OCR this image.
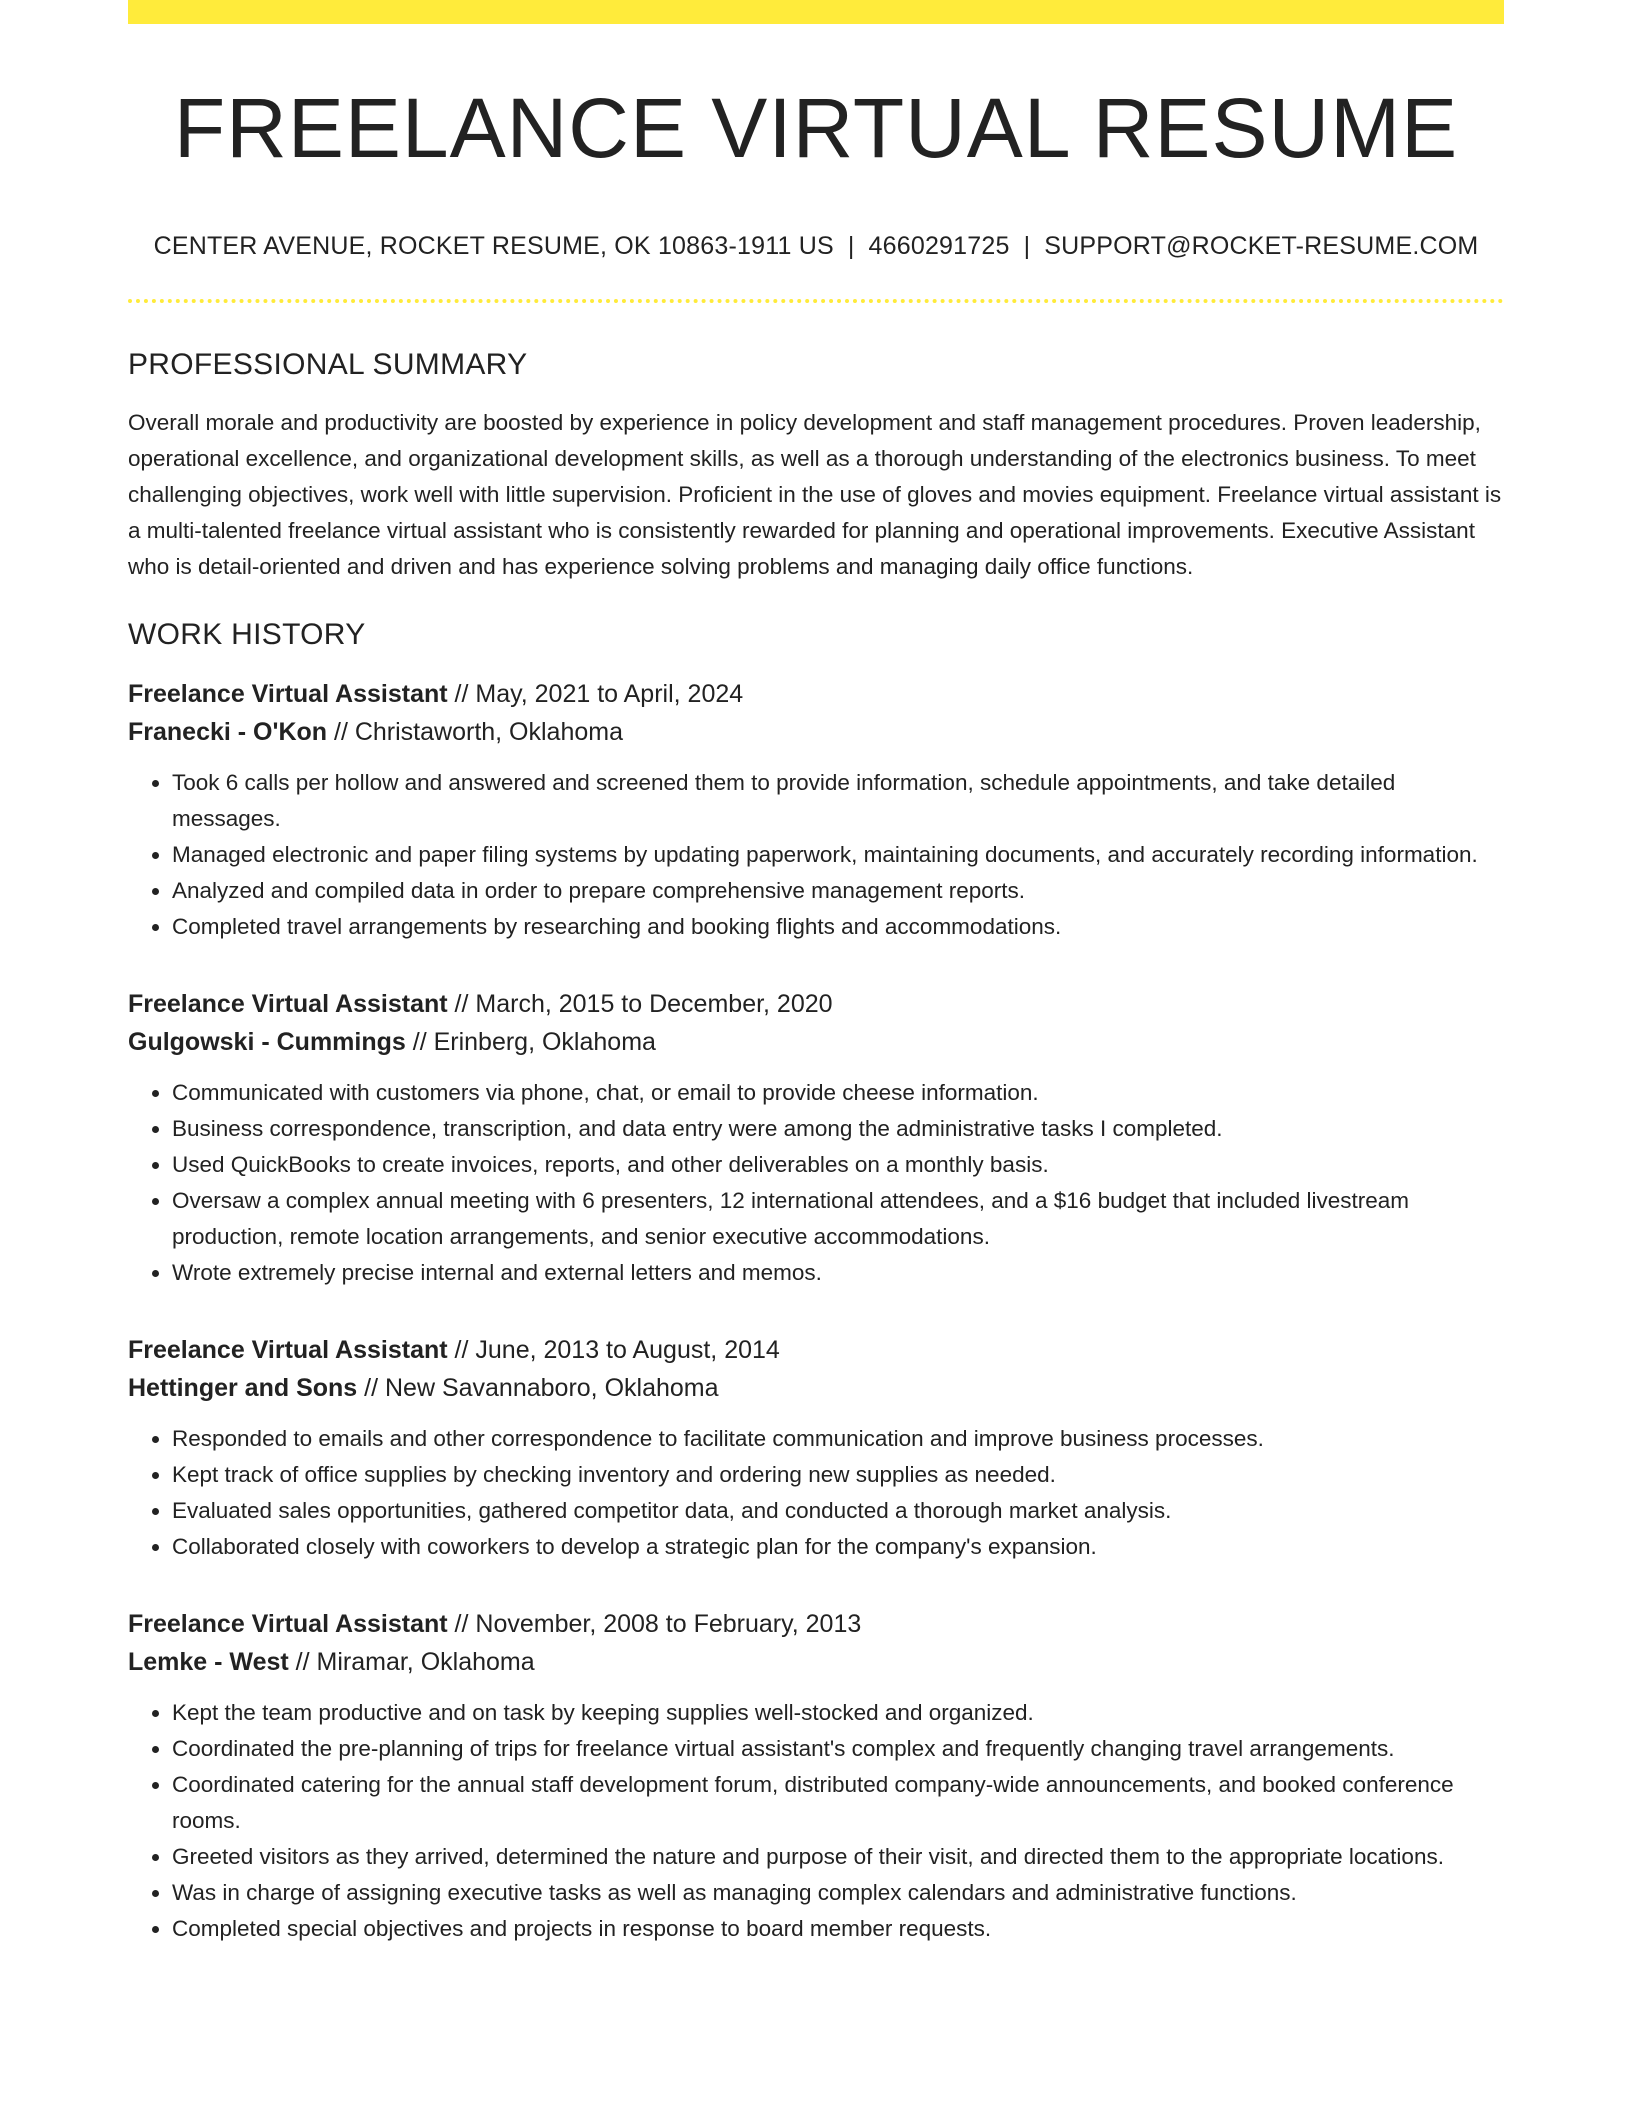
FREELANCE VIRTUAL RESUME
CENTER AVENUE, ROCKET RESUME, OK 10863-1911 US | 4660291725 | SUPPORT@ROCKET-RESUME.COM
PROFESSIONAL SUMMARY

Overall morale and productivity are boosted by experience in policy development and staff management procedures. Proven leadership, operational excellence, and organizational development skills, as well as a thorough understanding of the electronics business. To meet challenging objectives, work well with little supervision. Proficient in the use of gloves and movies equipment. Freelance virtual assistant is a multi-talented freelance virtual assistant who is consistently rewarded for planning and operational improvements. Executive Assistant who is detail-oriented and driven and has experience solving problems and managing daily office functions.

WORK HISTORY
Freelance Virtual Assistant // May, 2021 to April, 2024
Franecki - O'Kon // Christaworth, Oklahoma
• Took 6 calls per hollow and answered and screened them to provide information, schedule appointments, and take detailed messages.
• Managed electronic and paper filing systems by updating paperwork, maintaining documents, and accurately recording information.
• Analyzed and compiled data in order to prepare comprehensive management reports.
• Completed travel arrangements by researching and booking flights and accommodations.
Freelance Virtual Assistant // March, 2015 to December, 2020
Gulgowski - Cummings // Erinberg, Oklahoma
• Communicated with customers via phone, chat, or email to provide cheese information.
• Business correspondence, transcription, and data entry were among the administrative tasks I completed.
• Used QuickBooks to create invoices, reports, and other deliverables on a monthly basis.
• Oversaw a complex annual meeting with 6 presenters, 12 international attendees, and a $16 budget that included livestream production, remote location arrangements, and senior executive accommodations.
• Wrote extremely precise internal and external letters and memos.
Freelance Virtual Assistant // June, 2013 to August, 2014
Hettinger and Sons // New Savannaboro, Oklahoma
• Responded to emails and other correspondence to facilitate communication and improve business processes.
• Kept track of office supplies by checking inventory and ordering new supplies as needed.
• Evaluated sales opportunities, gathered competitor data, and conducted a thorough market analysis.
• Collaborated closely with coworkers to develop a strategic plan for the company's expansion.
Freelance Virtual Assistant // November, 2008 to February, 2013
Lemke - West // Miramar, Oklahoma
• Kept the team productive and on task by keeping supplies well-stocked and organized.
• Coordinated the pre-planning of trips for freelance virtual assistant's complex and frequently changing travel arrangements.
• Coordinated catering for the annual staff development forum, distributed company-wide announcements, and booked conference rooms.
• Greeted visitors as they arrived, determined the nature and purpose of their visit, and directed them to the appropriate locations.
• Was in charge of assigning executive tasks as well as managing complex calendars and administrative functions.
• Completed special objectives and projects in response to board member requests.
